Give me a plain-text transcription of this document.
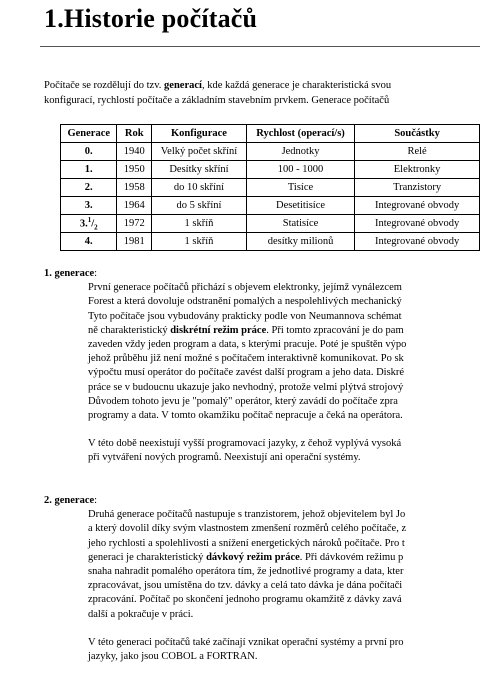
1.Historie počítačů

Počítače se rozdělují do tzv. generací, kde každá generace je charakteristická svou

konfigurací, rychlostí počítače a základním stavebním prvkem. Generace počítačů

Generace	Rok	Konfigurace	Rychlost (operací/s)	Součástky
0.	1940	Velký počet skříní	Jednotky	Relé
1.	1950	Desítky skříní	100 - 1000	Elektronky
2.	1958	do 10 skříní	Tisíce	Tranzistory
3.	1964	do 5 skříní	Desetitisíce	Integrované obvody
$3.^1/_2$	1972	1 skříň	Statisíce	Integrované obvody
4.	1981	1 skříň	desítky milionů	Integrované obvody
1. generace:

První generace počítačů přichází s objevem elektronky, jejímž vynálezcem
Forest a která dovoluje odstranění pomalých a nespolehlivých mechanický
Tyto počítače jsou vybudovány prakticky podle von Neumannova schémat
ně charakteristický diskrétní režim práce. Při tomto zpracování je do pam
zaveden vždy jeden program a data, s kterými pracuje. Poté je spuštěn výpo
jehož průběhu již není možné s počítačem interaktivně komunikovat. Po sk
výpočtu musí operátor do počítače zavést další program a jeho data. Diskré
práce se v budoucnu ukazuje jako nevhodný, protože velmi plýtvá strojový
Důvodem tohoto jevu je "pomalý" operátor, který zavádí do počítače zpra
programy a data. V tomto okamžiku počítač nepracuje a čeká na operátora.

V této době neexistují vyšší programovací jazyky, z čehož vyplývá vysoká
při vytváření nových programů. Neexistují ani operační systémy.

2. generace:

Druhá generace počítačů nastupuje s tranzistorem, jehož objevitelem byl Jo
a který dovolil díky svým vlastnostem zmenšení rozměrů celého počítače, z
jeho rychlosti a spolehlivosti a snížení energetických nároků počítače. Pro t
generaci je charakteristický dávkový režim práce. Při dávkovém režimu p
snaha nahradit pomalého operátora tím, že jednotlivé programy a data, kter
zpracovávat, jsou umístěna do tzv. dávky a celá tato dávka je dána počítači
zpracování. Počítač po skončení jednoho programu okamžitě z dávky zavá
další a pokračuje v práci.

V této generaci počítačů také začínají vznikat operační systémy a první pro
jazyky, jako jsou COBOL a FORTRAN.
